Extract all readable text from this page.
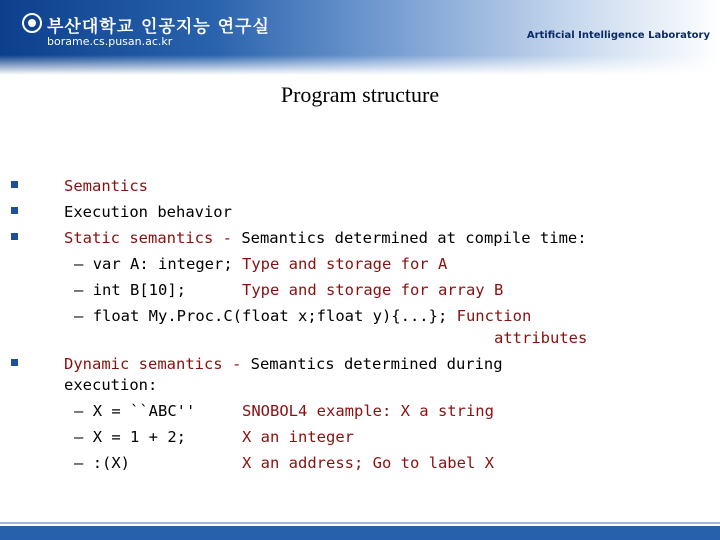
부산대학교 인공지능 연구실
borame.cs.pusan.ac.kr	Artificial Intelligence Laboratory
Program structure
Semantics
Execution behavior
Static semantics - Semantics determined at compile time:
– var A: integer; Type and storage for A
– int B[10];      Type and storage for array B
– float My.Proc.C(float x;float y){...}; Function
attributes
Dynamic semantics - Semantics determined during
execution:
– X = ``ABC''     SNOBOL4 example: X a string
– X = 1 + 2;      X an integer
– :(X)            X an address; Go to label X
